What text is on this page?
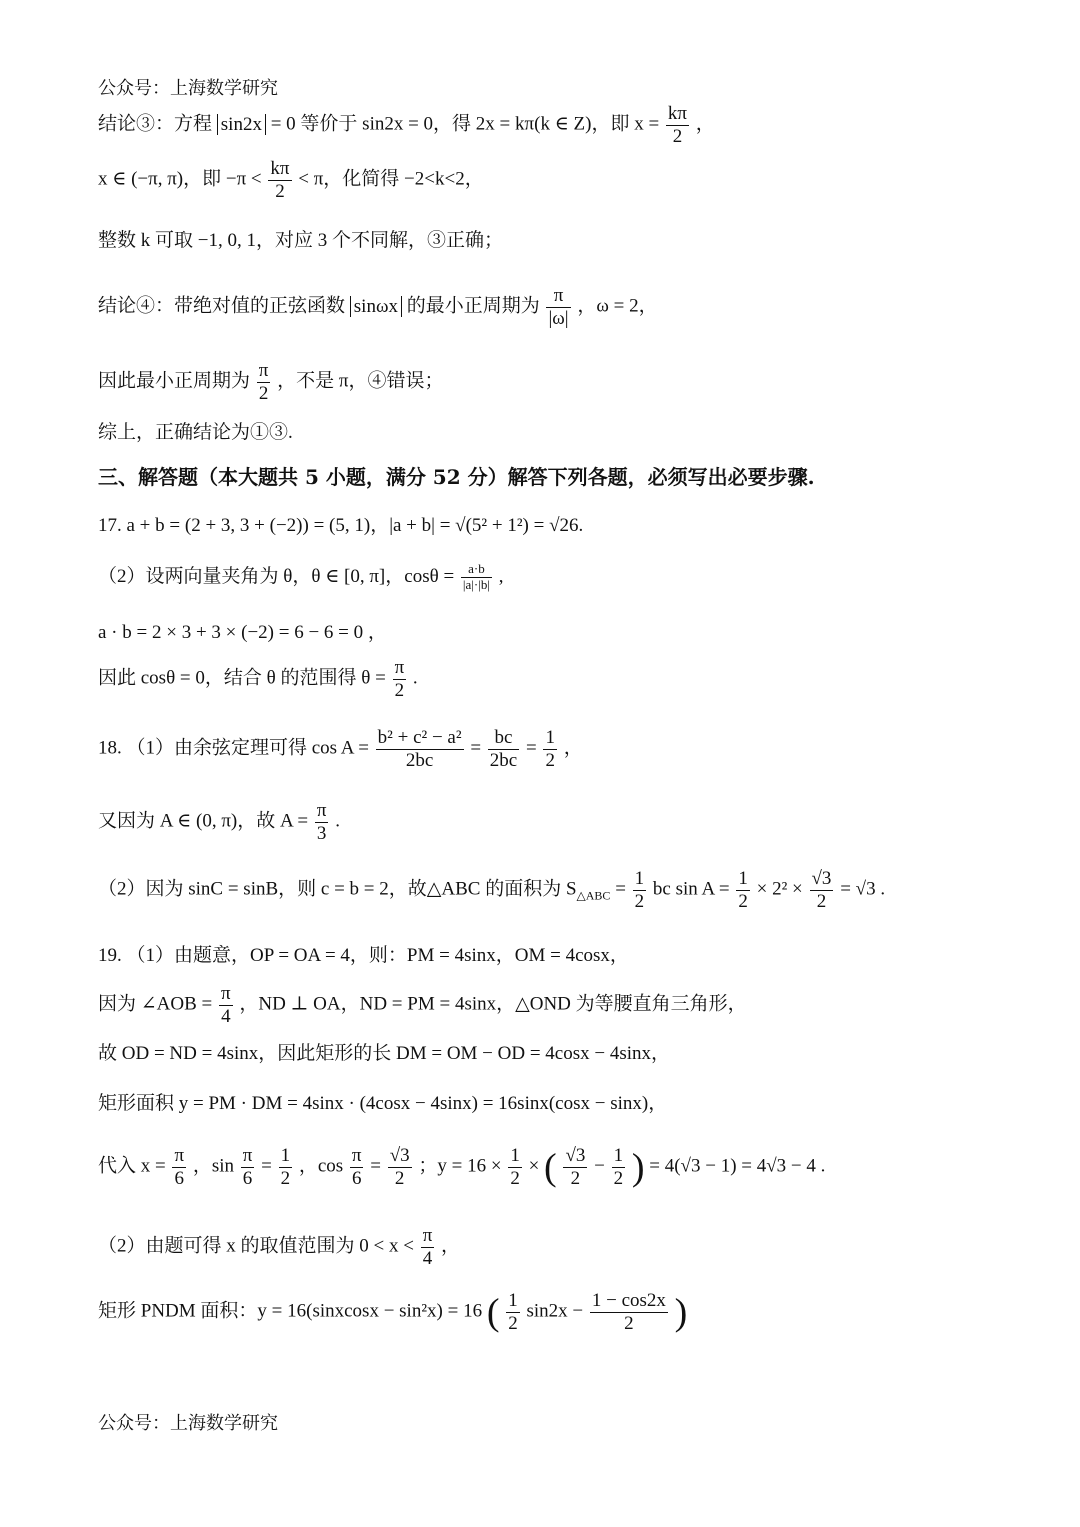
公众号：上海数学研究
结论③：方程 sin2x = 0 等价于 sin2x = 0，得 2x = kπ(k ∈ Z)，即 $x = \frac{k\pi}{2}$ ，
x ∈ (−π, π)，即 $-\pi < \frac{k\pi}{2} < \pi$，化简得 −2<k<2，
整数 k 可取 −1, 0, 1，对应 3 个不同解，③正确；
结论④：带绝对值的正弦函数 sinωx 的最小正周期为 $\frac{\pi}{|\omega|}$ ，ω = 2，
因此最小正周期为 $\frac{\pi}{2}$ ，不是 π，④错误；
综上，正确结论为①③.
三、解答题（本大题共 5 小题，满分 52 分）解答下列各题，必须写出必要步骤.
17. a + b = (2 + 3, 3 + (−2)) = (5, 1)，|a + b| = √(5² + 1²) = √26.
（2）设两向量夹角为 θ，θ ∈ [0, π]，$\cos\theta = \frac{a\cdot b}{|a|\cdot|b|}$ ,
a · b = 2 × 3 + 3 × (−2) = 6 − 6 = 0 ，
因此 cosθ = 0，结合 θ 的范围得 $\theta = \frac{\pi}{2}$ .
18. （1）由余弦定理可得 $\cos A = \frac{\text{b² + c² − a²}}{2bc} = \frac{bc}{2bc} = \frac{1}{2}$ ，
又因为 A ∈ (0, π)，故 $A = \frac{\pi}{3}$ .
（2）因为 sinC = sinB，则 c = b = 2，故△ABC 的面积为 $S_{\triangle ABC} = \frac{1}{2}$ bc $\sin A = \frac{1}{2} \times 2^2 \times \frac{√3}{2} = √3$ .
19. （1）由题意，OP = OA = 4，则：PM = 4sinx，OM = 4cosx，
因为 ∠AOB = $\frac{\pi}{4}$ ，ND ⊥ OA，ND = PM = 4sinx，△OND 为等腰直角三角形，
故 OD = ND = 4sinx，因此矩形的长 DM = OM − OD = 4cosx − 4sinx，
矩形面积 y = PM · DM = 4sinx · (4cosx − 4sinx) = 16sinx(cosx − sinx)，
代入 $x = \frac{\pi}{6}$ ，$\sin \frac{\pi}{6} = \frac{1}{2}$ ，$\cos \frac{\pi}{6} = \frac{√3}{2}$ ；$y = 16 \times \frac{1}{2}$ × ( $\frac{√3}{2} - \frac{1}{2}$ ) = 4(√3 − 1) = 4√3 − 4 .
（2）由题可得 x 的取值范围为 $0 < x < \frac{\pi}{4}$ ，
矩形 PNDM 面积：y = 16(sinxcosx − sin²x) = 16 ( $\frac{1}{2} \sin 2x - \frac{1 - \cos 2x}{2}$ )
公众号：上海数学研究
